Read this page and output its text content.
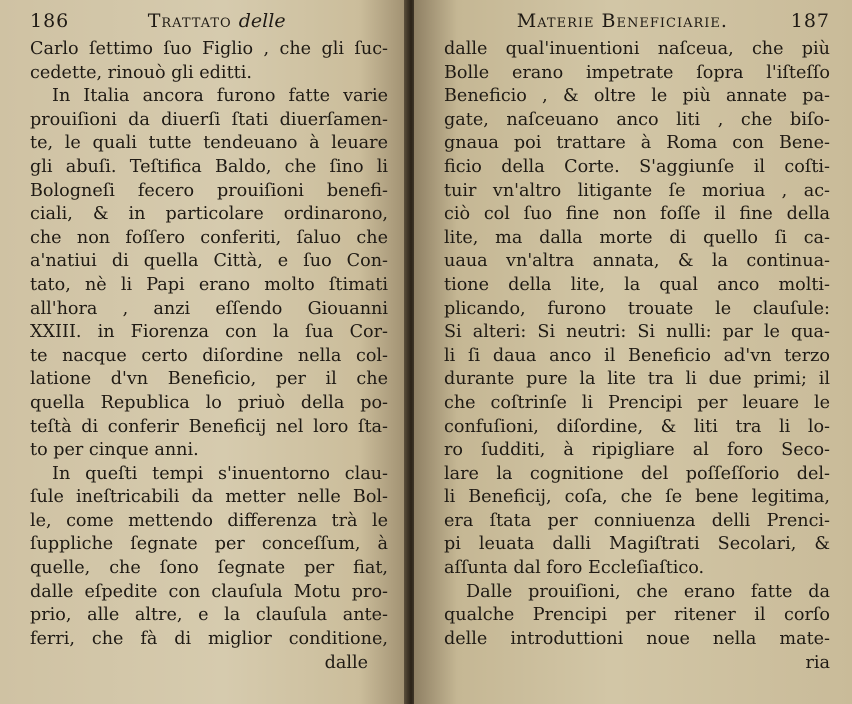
186	Trattato delle
Carlo ſettimo ſuo Figlio , che gli ſuc-
cedette, rinouò gli editti.
In Italia ancora furono fatte varie
prouiſioni da diuerſi ſtati diuerſamen-
te, le quali tutte tendeuano à leuare
gli abuſi. Teſtifica Baldo, che ſino li
Bologneſi fecero prouiſioni benefi-
ciali, & in particolare ordinarono,
che non foſſero conferiti, ſaluo che
a'natiui di quella Città, e ſuo Con-
tato, nè li Papi erano molto ſtimati
all'hora , anzi eſſendo Giouanni
XXIII. in Fiorenza con la ſua Cor-
te nacque certo diſordine nella col-
latione d'vn Beneficio, per il che
quella Republica lo priuò della po-
teſtà di conferir Beneficij nel loro ſta-
to per cinque anni.
In queſti tempi s'inuentorno clau-
ſule ineſtricabili da metter nelle Bol-
le, come mettendo differenza trà le
ſuppliche ſegnate per conceſſum, à
quelle, che ſono ſegnate per fiat,
dalle eſpedite con clauſula Motu pro-
prio, alle altre, e la clauſula ante-
ferri, che fà di miglior conditione,
dalle
Materie Beneficiarie.	187
dalle qual'inuentioni naſceua, che più
Bolle erano impetrate ſopra l'iſteſſo
Beneficio , & oltre le più annate pa-
gate, naſceuano anco liti , che biſo-
gnaua poi trattare à Roma con Bene-
ficio della Corte. S'aggiunſe il coſti-
tuir vn'altro litigante ſe moriua , ac-
ciò col ſuo fine non foſſe il fine della
lite, ma dalla morte di quello ſi ca-
uaua vn'altra annata, & la continua-
tione della lite, la qual anco molti-
plicando, furono trouate le clauſule:
Si alteri: Si neutri: Si nulli: par le qua-
li ſi daua anco il Beneficio ad'vn terzo
durante pure la lite tra li due primi; il
che coſtrinſe li Prencipi per leuare le
confuſioni, diſordine, & liti tra li lo-
ro ſudditi, à ripigliare al foro Seco-
lare la cognitione del poſſeſſorio del-
li Beneficij, coſa, che ſe bene legitima,
era ſtata per conniuenza delli Prenci-
pi leuata dalli Magiſtrati Secolari, &
aſſunta dal foro Eccleſiaſtico.
Dalle prouiſioni, che erano fatte da
qualche Prencipi per ritener il corſo
delle introduttioni noue nella mate-
ria
